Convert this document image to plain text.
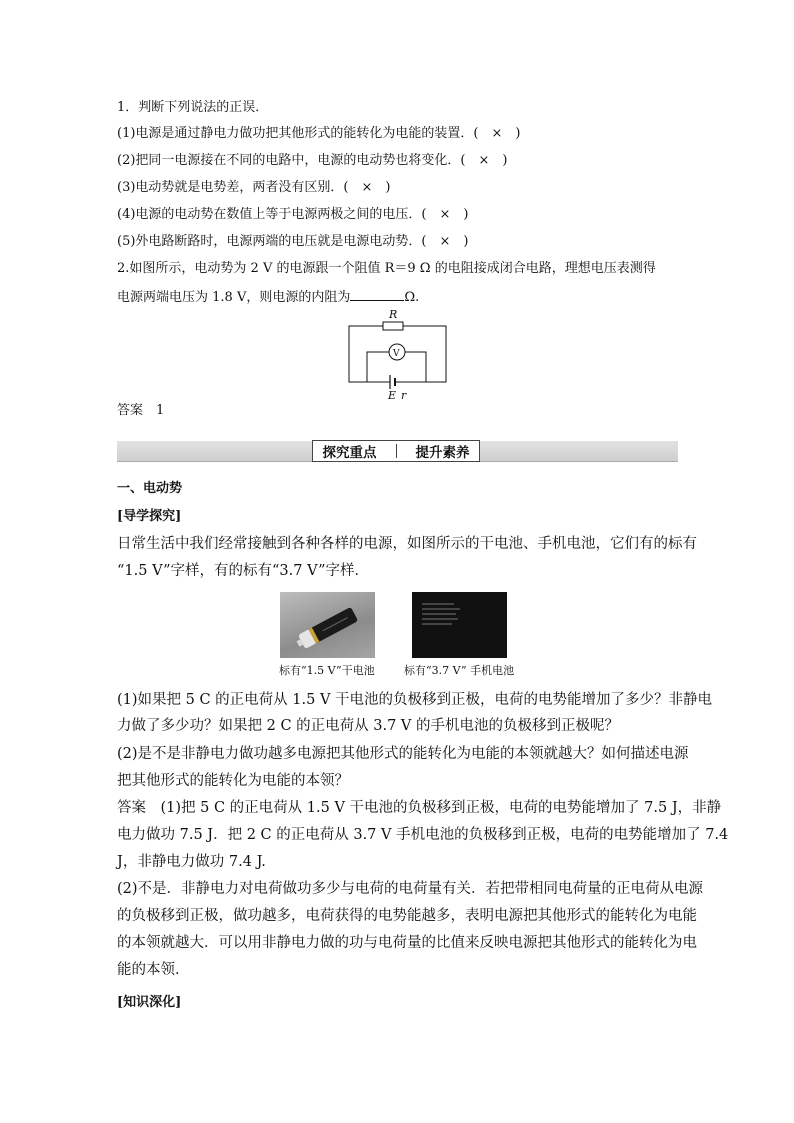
1．判断下列说法的正误．
(1)电源是通过静电力做功把其他形式的能转化为电能的装置．(　×　)
(2)把同一电源接在不同的电路中，电源的电动势也将变化．(　×　)
(3)电动势就是电势差，两者没有区别．(　×　)
(4)电源的电动势在数值上等于电源两极之间的电压．(　×　)
(5)外电路断路时，电源两端的电压就是电源电动势．(　×　)
2.如图所示，电动势为 2 V 的电源跟一个阻值 R＝9 Ω 的电阻接成闭合电路，理想电压表测得
电源两端电压为 1.8 V，则电源的内阻为	Ω.
R
V
E r
答案　1
探究重点	提升素养
一、电动势
[导学探究]
日常生活中我们经常接触到各种各样的电源，如图所示的干电池、手机电池，它们有的标有
“1.5 V”字样，有的标有“3.7 V”字样．
标有“1.5 V”干电池	标有“3.7 V” 手机电池
(1)如果把 5 C 的正电荷从 1.5 V 干电池的负极移到正极，电荷的电势能增加了多少？非静电
力做了多少功？如果把 2 C 的正电荷从 3.7 V 的手机电池的负极移到正极呢？
(2)是不是非静电力做功越多电源把其他形式的能转化为电能的本领就越大？如何描述电源
把其他形式的能转化为电能的本领？
答案　(1)把 5 C 的正电荷从 1.5 V 干电池的负极移到正极，电荷的电势能增加了 7.5 J，非静
电力做功 7.5 J．把 2 C 的正电荷从 3.7 V 手机电池的负极移到正极，电荷的电势能增加了 7.4
J，非静电力做功 7.4 J.
(2)不是．非静电力对电荷做功多少与电荷的电荷量有关．若把带相同电荷量的正电荷从电源
的负极移到正极，做功越多，电荷获得的电势能越多，表明电源把其他形式的能转化为电能
的本领就越大．可以用非静电力做的功与电荷量的比值来反映电源把其他形式的能转化为电
能的本领．
[知识深化]
